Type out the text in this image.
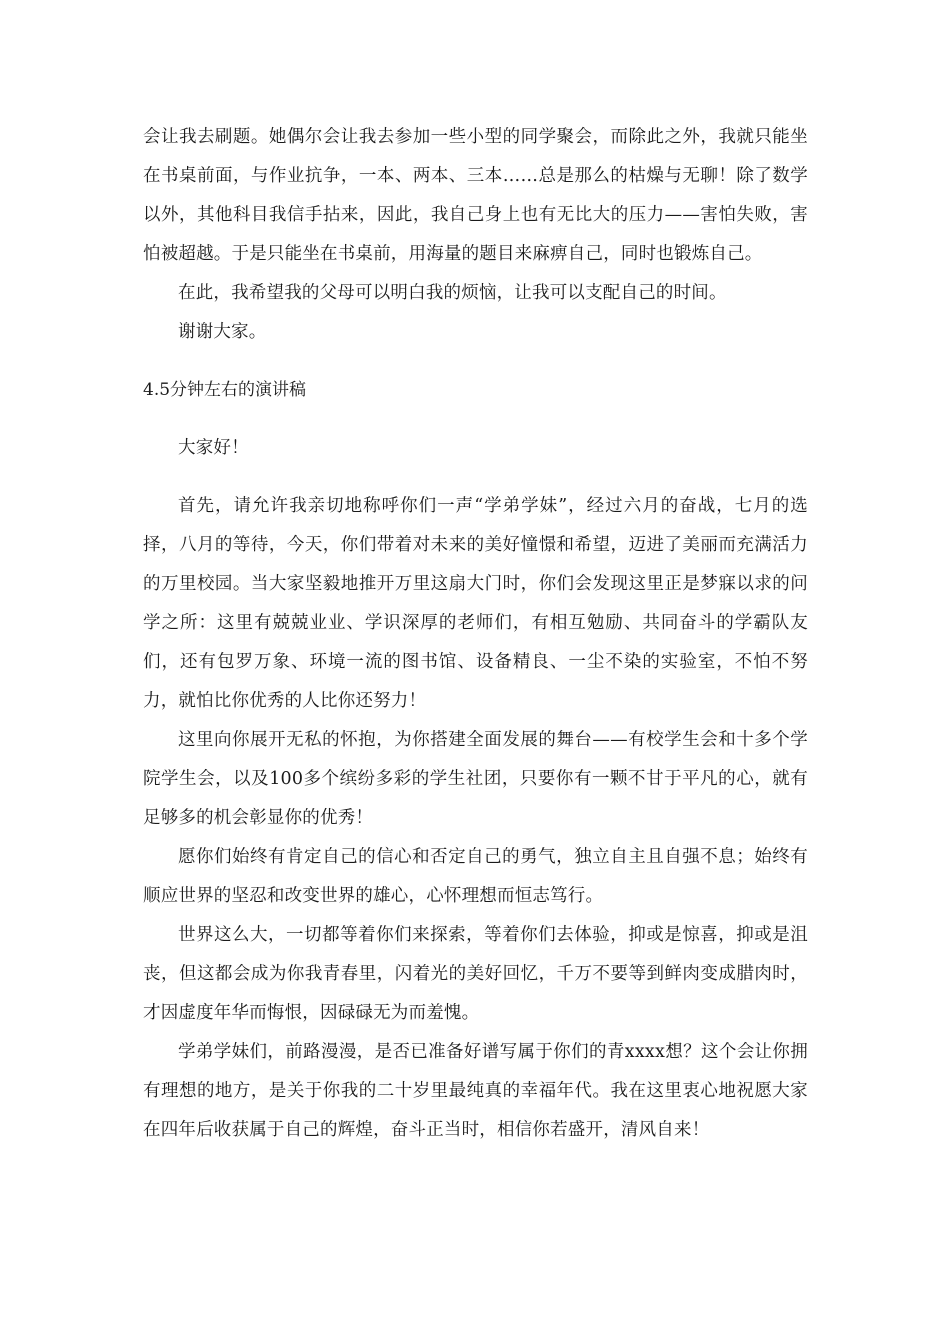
会让我去刷题。她偶尔会让我去参加一些小型的同学聚会，而除此之外，我就只能坐在书桌前面，与作业抗争，一本、两本、三本……总是那么的枯燥与无聊！除了数学以外，其他科目我信手拈来，因此，我自己身上也有无比大的压力——害怕失败，害怕被超越。于是只能坐在书桌前，用海量的题目来麻痹自己，同时也锻炼自己。

在此，我希望我的父母可以明白我的烦恼，让我可以支配自己的时间。

谢谢大家。

4.5分钟左右的演讲稿

大家好！

首先，请允许我亲切地称呼你们一声“学弟学妹”，经过六月的奋战，七月的选择，八月的等待，今天，你们带着对未来的美好憧憬和希望，迈进了美丽而充满活力的万里校园。当大家坚毅地推开万里这扇大门时，你们会发现这里正是梦寐以求的问学之所：这里有兢兢业业、学识深厚的老师们，有相互勉励、共同奋斗的学霸队友们，还有包罗万象、环境一流的图书馆、设备精良、一尘不染的实验室，不怕不努力，就怕比你优秀的人比你还努力！

这里向你展开无私的怀抱，为你搭建全面发展的舞台——有校学生会和十多个学院学生会，以及100多个缤纷多彩的学生社团，只要你有一颗不甘于平凡的心，就有足够多的机会彰显你的优秀！

愿你们始终有肯定自己的信心和否定自己的勇气，独立自主且自强不息；始终有顺应世界的坚忍和改变世界的雄心，心怀理想而恒志笃行。

世界这么大，一切都等着你们来探索，等着你们去体验，抑或是惊喜，抑或是沮丧，但这都会成为你我青春里，闪着光的美好回忆，千万不要等到鲜肉变成腊肉时，才因虚度年华而悔恨，因碌碌无为而羞愧。

学弟学妹们，前路漫漫，是否已准备好谱写属于你们的青xxxx想？这个会让你拥有理想的地方，是关于你我的二十岁里最纯真的幸福年代。我在这里衷心地祝愿大家在四年后收获属于自己的辉煌，奋斗正当时，相信你若盛开，清风自来！
